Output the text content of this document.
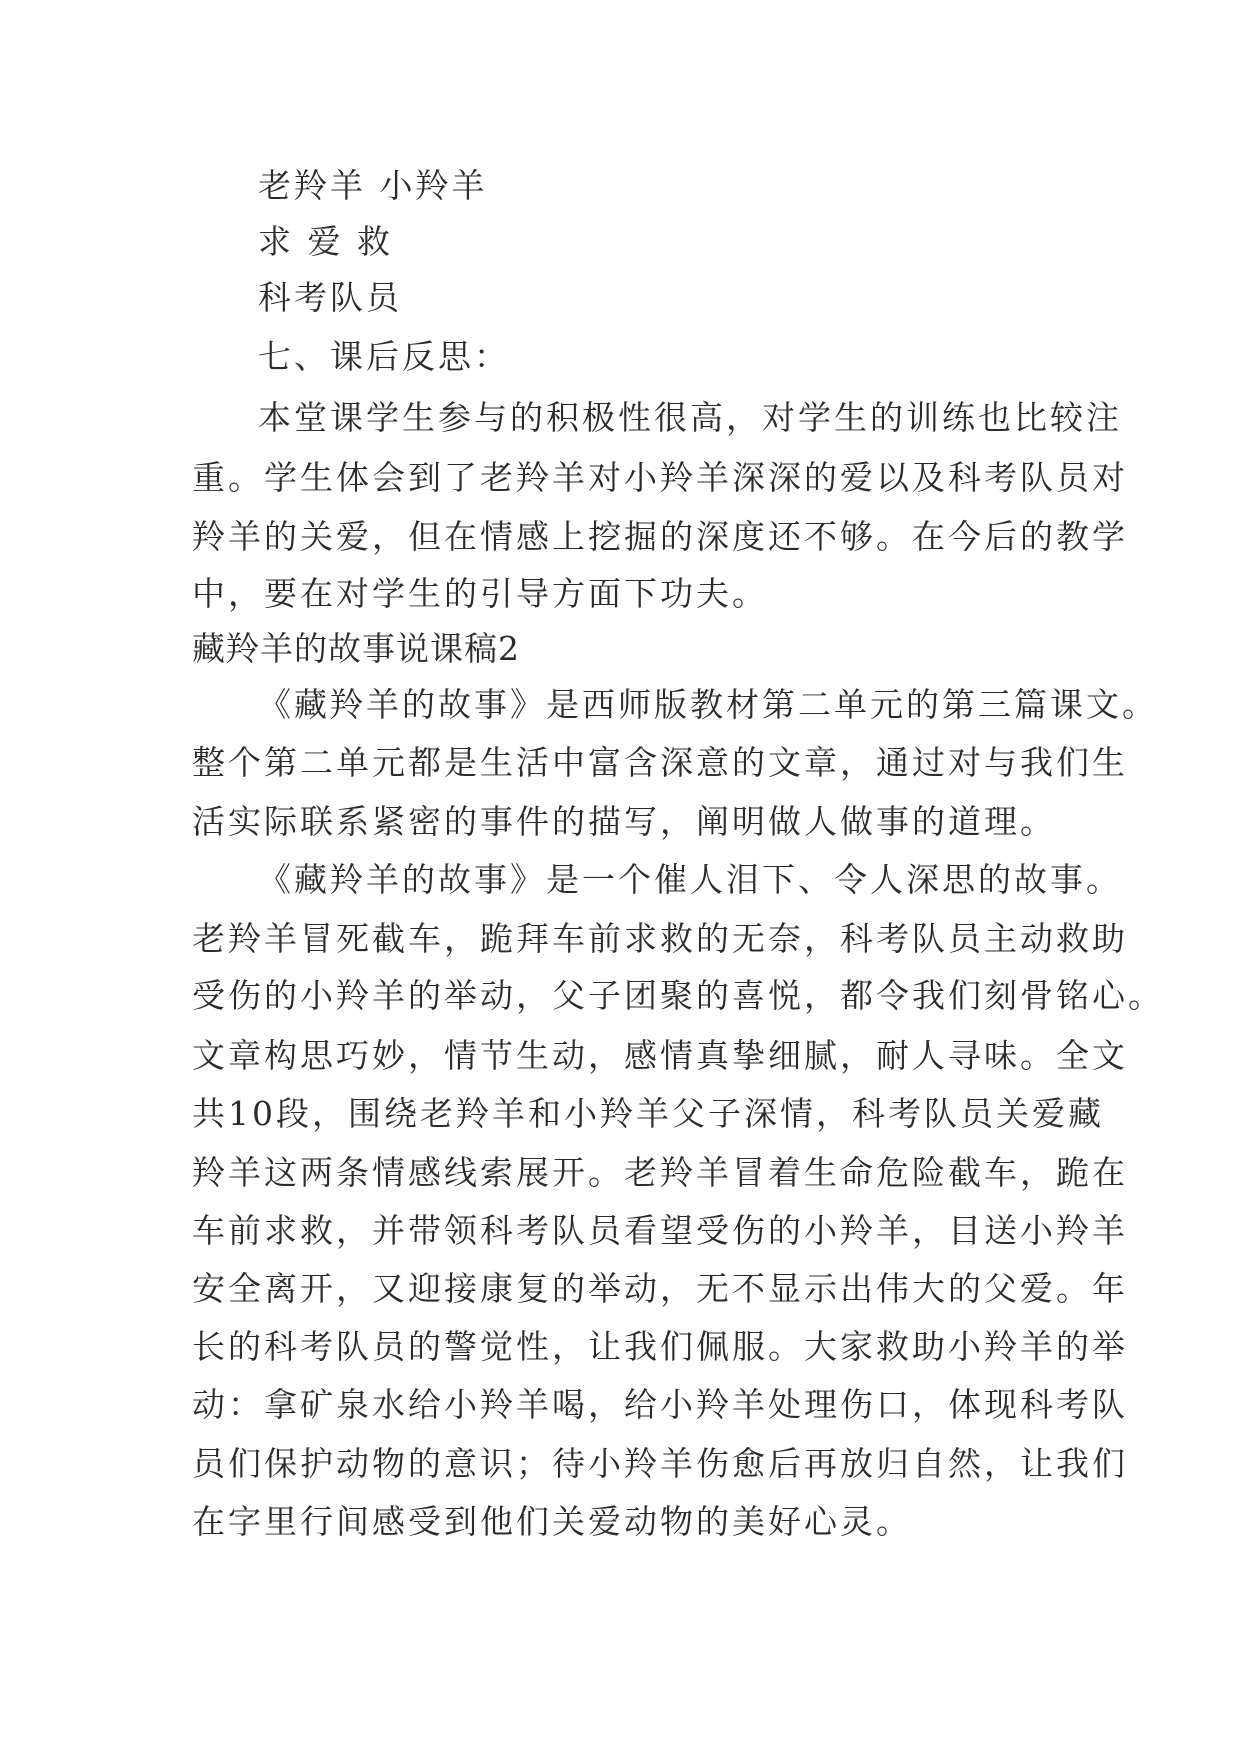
老羚羊 小羚羊
求 爱 救
科考队员
七、课后反思：
本堂课学生参与的积极性很高，对学生的训练也比较注
重。学生体会到了老羚羊对小羚羊深深的爱以及科考队员对
羚羊的关爱，但在情感上挖掘的深度还不够。在今后的教学
中，要在对学生的引导方面下功夫。
藏羚羊的故事说课稿2
《藏羚羊的故事》是西师版教材第二单元的第三篇课文。
整个第二单元都是生活中富含深意的文章，通过对与我们生
活实际联系紧密的事件的描写，阐明做人做事的道理。
《藏羚羊的故事》是一个催人泪下、令人深思的故事。
老羚羊冒死截车，跪拜车前求救的无奈，科考队员主动救助
受伤的小羚羊的举动，父子团聚的喜悦，都令我们刻骨铭心。
文章构思巧妙，情节生动，感情真挚细腻，耐人寻味。全文
共10段，围绕老羚羊和小羚羊父子深情，科考队员关爱藏
羚羊这两条情感线索展开。老羚羊冒着生命危险截车，跪在
车前求救，并带领科考队员看望受伤的小羚羊，目送小羚羊
安全离开，又迎接康复的举动，无不显示出伟大的父爱。年
长的科考队员的警觉性，让我们佩服。大家救助小羚羊的举
动：拿矿泉水给小羚羊喝，给小羚羊处理伤口，体现科考队
员们保护动物的意识；待小羚羊伤愈后再放归自然，让我们
在字里行间感受到他们关爱动物的美好心灵。
